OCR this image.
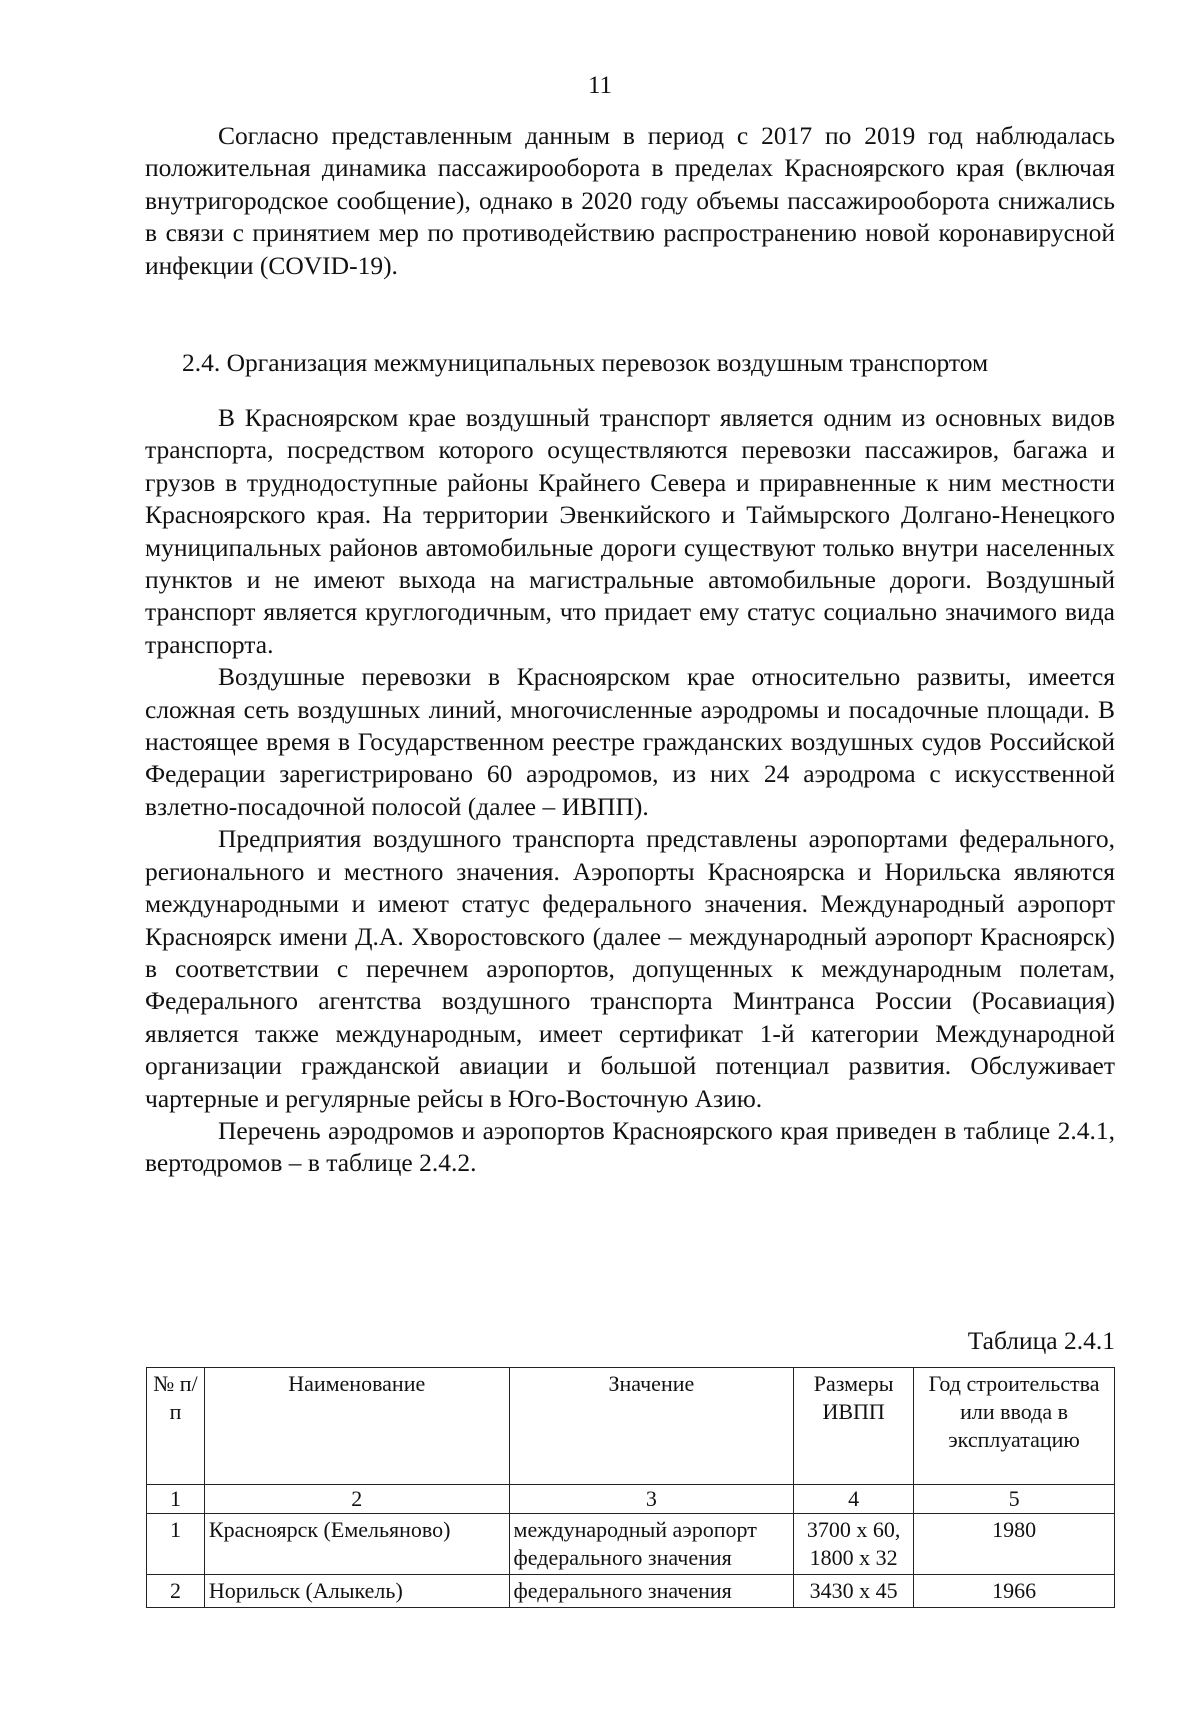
11
Согласно представленным данным в период с 2017 по 2019 год наблюдалась положительная динамика пассажирооборота в пределах Красноярского края (включая внутригородское сообщение), однако в 2020 году объемы пассажирооборота снижались в связи с принятием мер по противодействию распространению новой коронавирусной инфекции (COVID-19).
2.4. Организация межмуниципальных перевозок воздушным транспортом
В Красноярском крае воздушный транспорт является одним из основных видов транспорта, посредством которого осуществляются перевозки пассажиров, багажа и грузов в труднодоступные районы Крайнего Севера и приравненные к ним местности Красноярского края. На территории Эвенкийского и Таймырского Долгано-Ненецкого муниципальных районов автомобильные дороги существуют только внутри населенных пунктов и не имеют выхода на магистральные автомобильные дороги. Воздушный транспорт является круглогодичным, что придает ему статус социально значимого вида транспорта.
Воздушные перевозки в Красноярском крае относительно развиты, имеется сложная сеть воздушных линий, многочисленные аэродромы и посадочные площади. В настоящее время в Государственном реестре гражданских воздушных судов Российской Федерации зарегистрировано 60 аэродромов, из них 24 аэродрома с искусственной взлетно-посадочной полосой (далее – ИВПП).
Предприятия воздушного транспорта представлены аэропортами федерального, регионального и местного значения. Аэропорты Красноярска и Норильска являются международными и имеют статус федерального значения. Международный аэропорт Красноярск имени Д.А. Хворостовского (далее – международный аэропорт Красноярск) в соответствии с перечнем аэропортов, допущенных к международным полетам, Федерального агентства воздушного транспорта Минтранса России (Росавиация) является также международным, имеет сертификат 1-й категории Международной организации гражданской авиации и большой потенциал развития. Обслуживает чартерные и регулярные рейсы в Юго-Восточную Азию.
Перечень аэродромов и аэропортов Красноярского края приведен в таблице 2.4.1, вертодромов – в таблице 2.4.2.
Таблица 2.4.1
№ п/п	Наименование	Значение	Размеры ИВПП	Год строительства или ввода в эксплуатацию
1	2	3	4	5
1	Красноярск (Емельяново)	международный аэропорт федерального значения	3700 x 60, 1800 x 32	1980
2	Норильск (Алыкель)	федерального значения	3430 x 45	1966
